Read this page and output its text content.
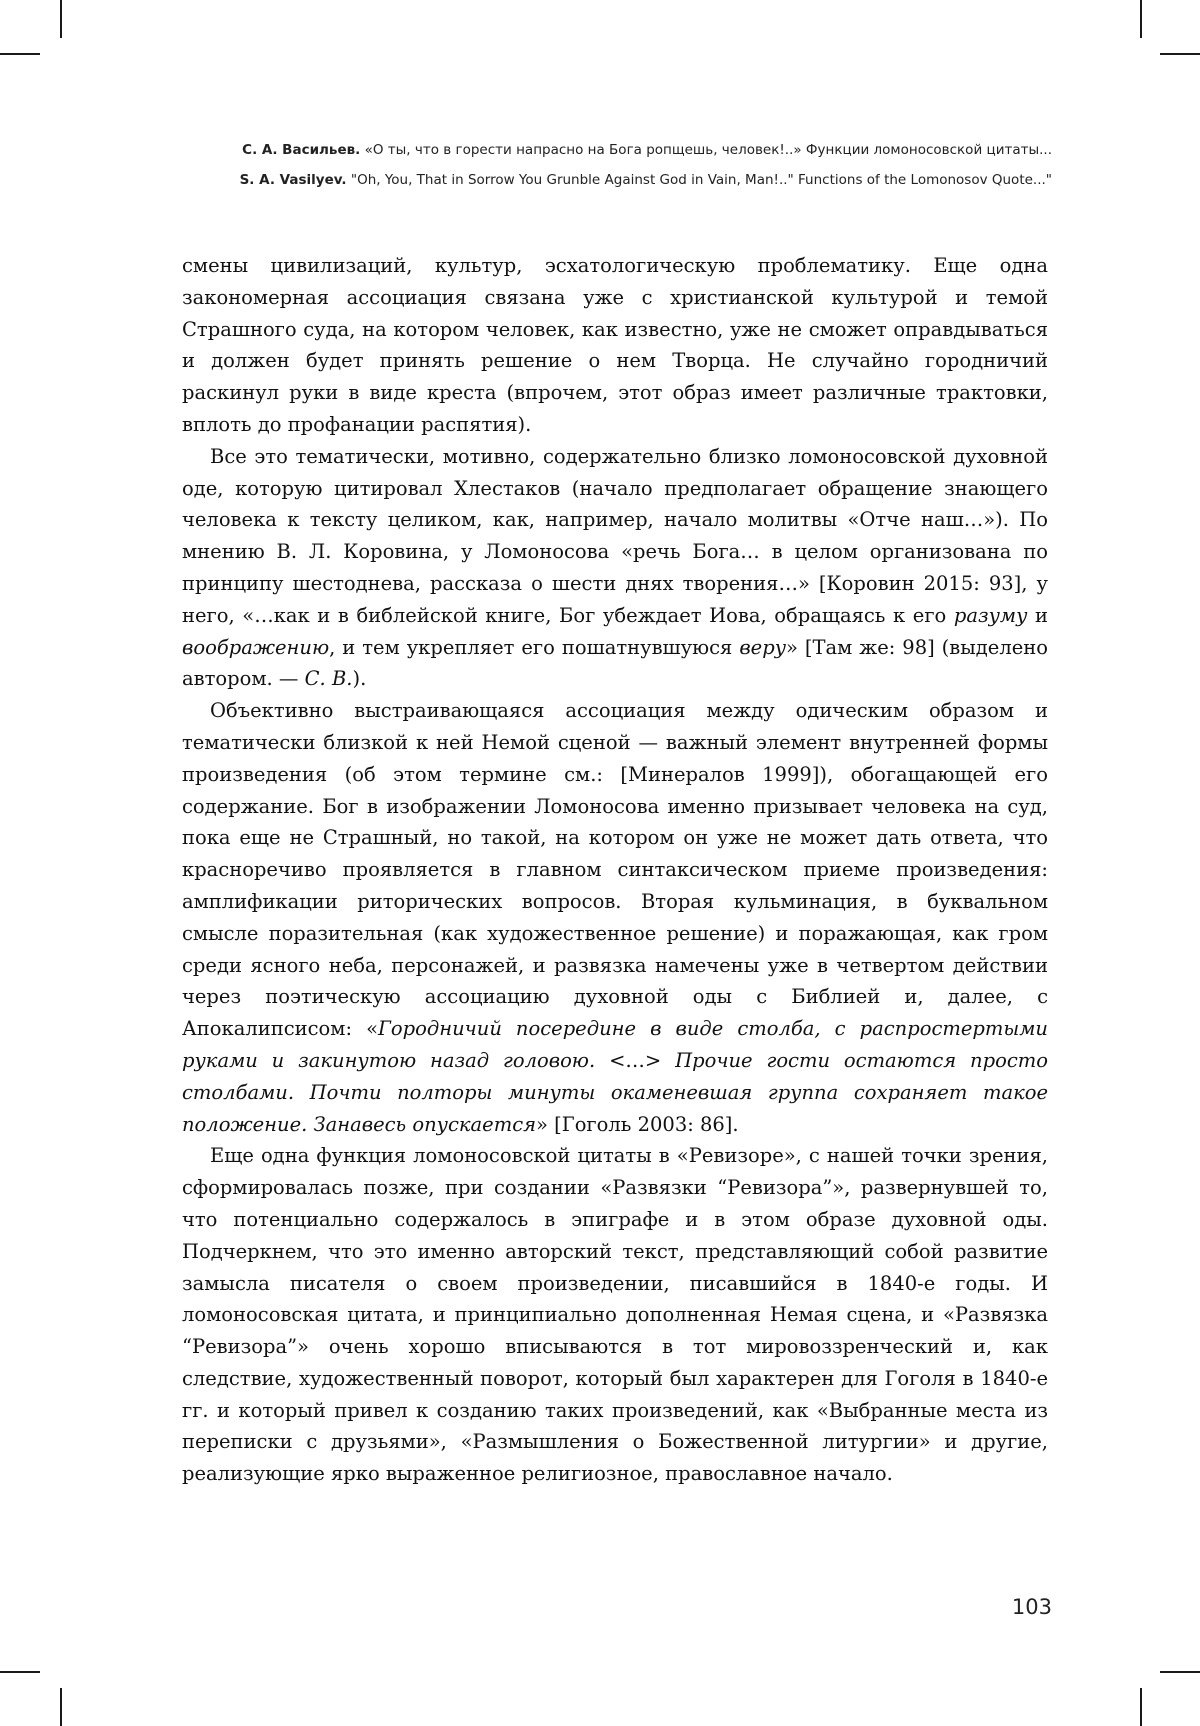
С. А. Васильев. «О ты, что в горести напрасно на Бога ропщешь, человек!..» Функции ломоносовской цитаты...
S. A. Vasilyev. "Oh, You, That in Sorrow You Grunble Against God in Vain, Man!.." Functions of the Lomonosov Quote..."

смены цивилизаций, культур, эсхатологическую проблематику. Еще одна закономерная ассоциация связана уже с христианской культурой и темой Страшного суда, на котором человек, как известно, уже не сможет оправдываться и должен будет принять решение о нем Творца. Не случайно городничий раскинул руки в виде креста (впрочем, этот образ имеет различные трактовки, вплоть до профанации распятия).

Все это тематически, мотивно, содержательно близко ломоносовской духовной оде, которую цитировал Хлестаков (начало предполагает обращение знающего человека к тексту целиком, как, например, начало молитвы «Отче наш…»). По мнению В. Л. Коровина, у Ломоносова «речь Бога… в целом организована по принципу шестоднева, рассказа о шести днях творения…» [Коровин 2015: 93], у него, «…как и в библейской книге, Бог убеждает Иова, обращаясь к его разуму и воображению, и тем укрепляет его пошатнувшуюся веру» [Там же: 98] (выделено автором. — С. В.).

Объективно выстраивающаяся ассоциация между одическим образом и тематически близкой к ней Немой сценой — важный элемент внутренней формы произведения (об этом термине см.: [Минералов 1999]), обогащающей его содержание. Бог в изображении Ломоносова именно призывает человека на суд, пока еще не Страшный, но такой, на котором он уже не может дать ответа, что красноречиво проявляется в главном синтаксическом приеме произведения: амплификации риторических вопросов. Вторая кульминация, в буквальном смысле поразительная (как художественное решение) и поражающая, как гром среди ясного неба, персонажей, и развязка намечены уже в четвертом действии через поэтическую ассоциацию духовной оды с Библией и, далее, с Апокалипсисом: «Городничий посередине в виде столба, с распростертыми руками и закинутою назад головою. <…> Прочие гости остаются просто столбами. Почти полторы минуты окаменевшая группа сохраняет такое положение. Занавесь опускается» [Гоголь 2003: 86].

Еще одна функция ломоносовской цитаты в «Ревизоре», с нашей точки зрения, сформировалась позже, при создании «Развязки “Ревизора”», развернувшей то, что потенциально содержалось в эпиграфе и в этом образе духовной оды. Подчеркнем, что это именно авторский текст, представляющий собой развитие замысла писателя о своем произведении, писавшийся в 1840-е годы. И ломоносовская цитата, и принципиально дополненная Немая сцена, и «Развязка “Ревизора”» очень хорошо вписываются в тот мировоззренческий и, как следствие, художественный поворот, который был характерен для Гоголя в 1840-е гг. и который привел к созданию таких произведений, как «Выбранные места из переписки с друзьями», «Размышления о Божественной литургии» и другие, реализующие ярко выраженное религиозное, православное начало.

103
